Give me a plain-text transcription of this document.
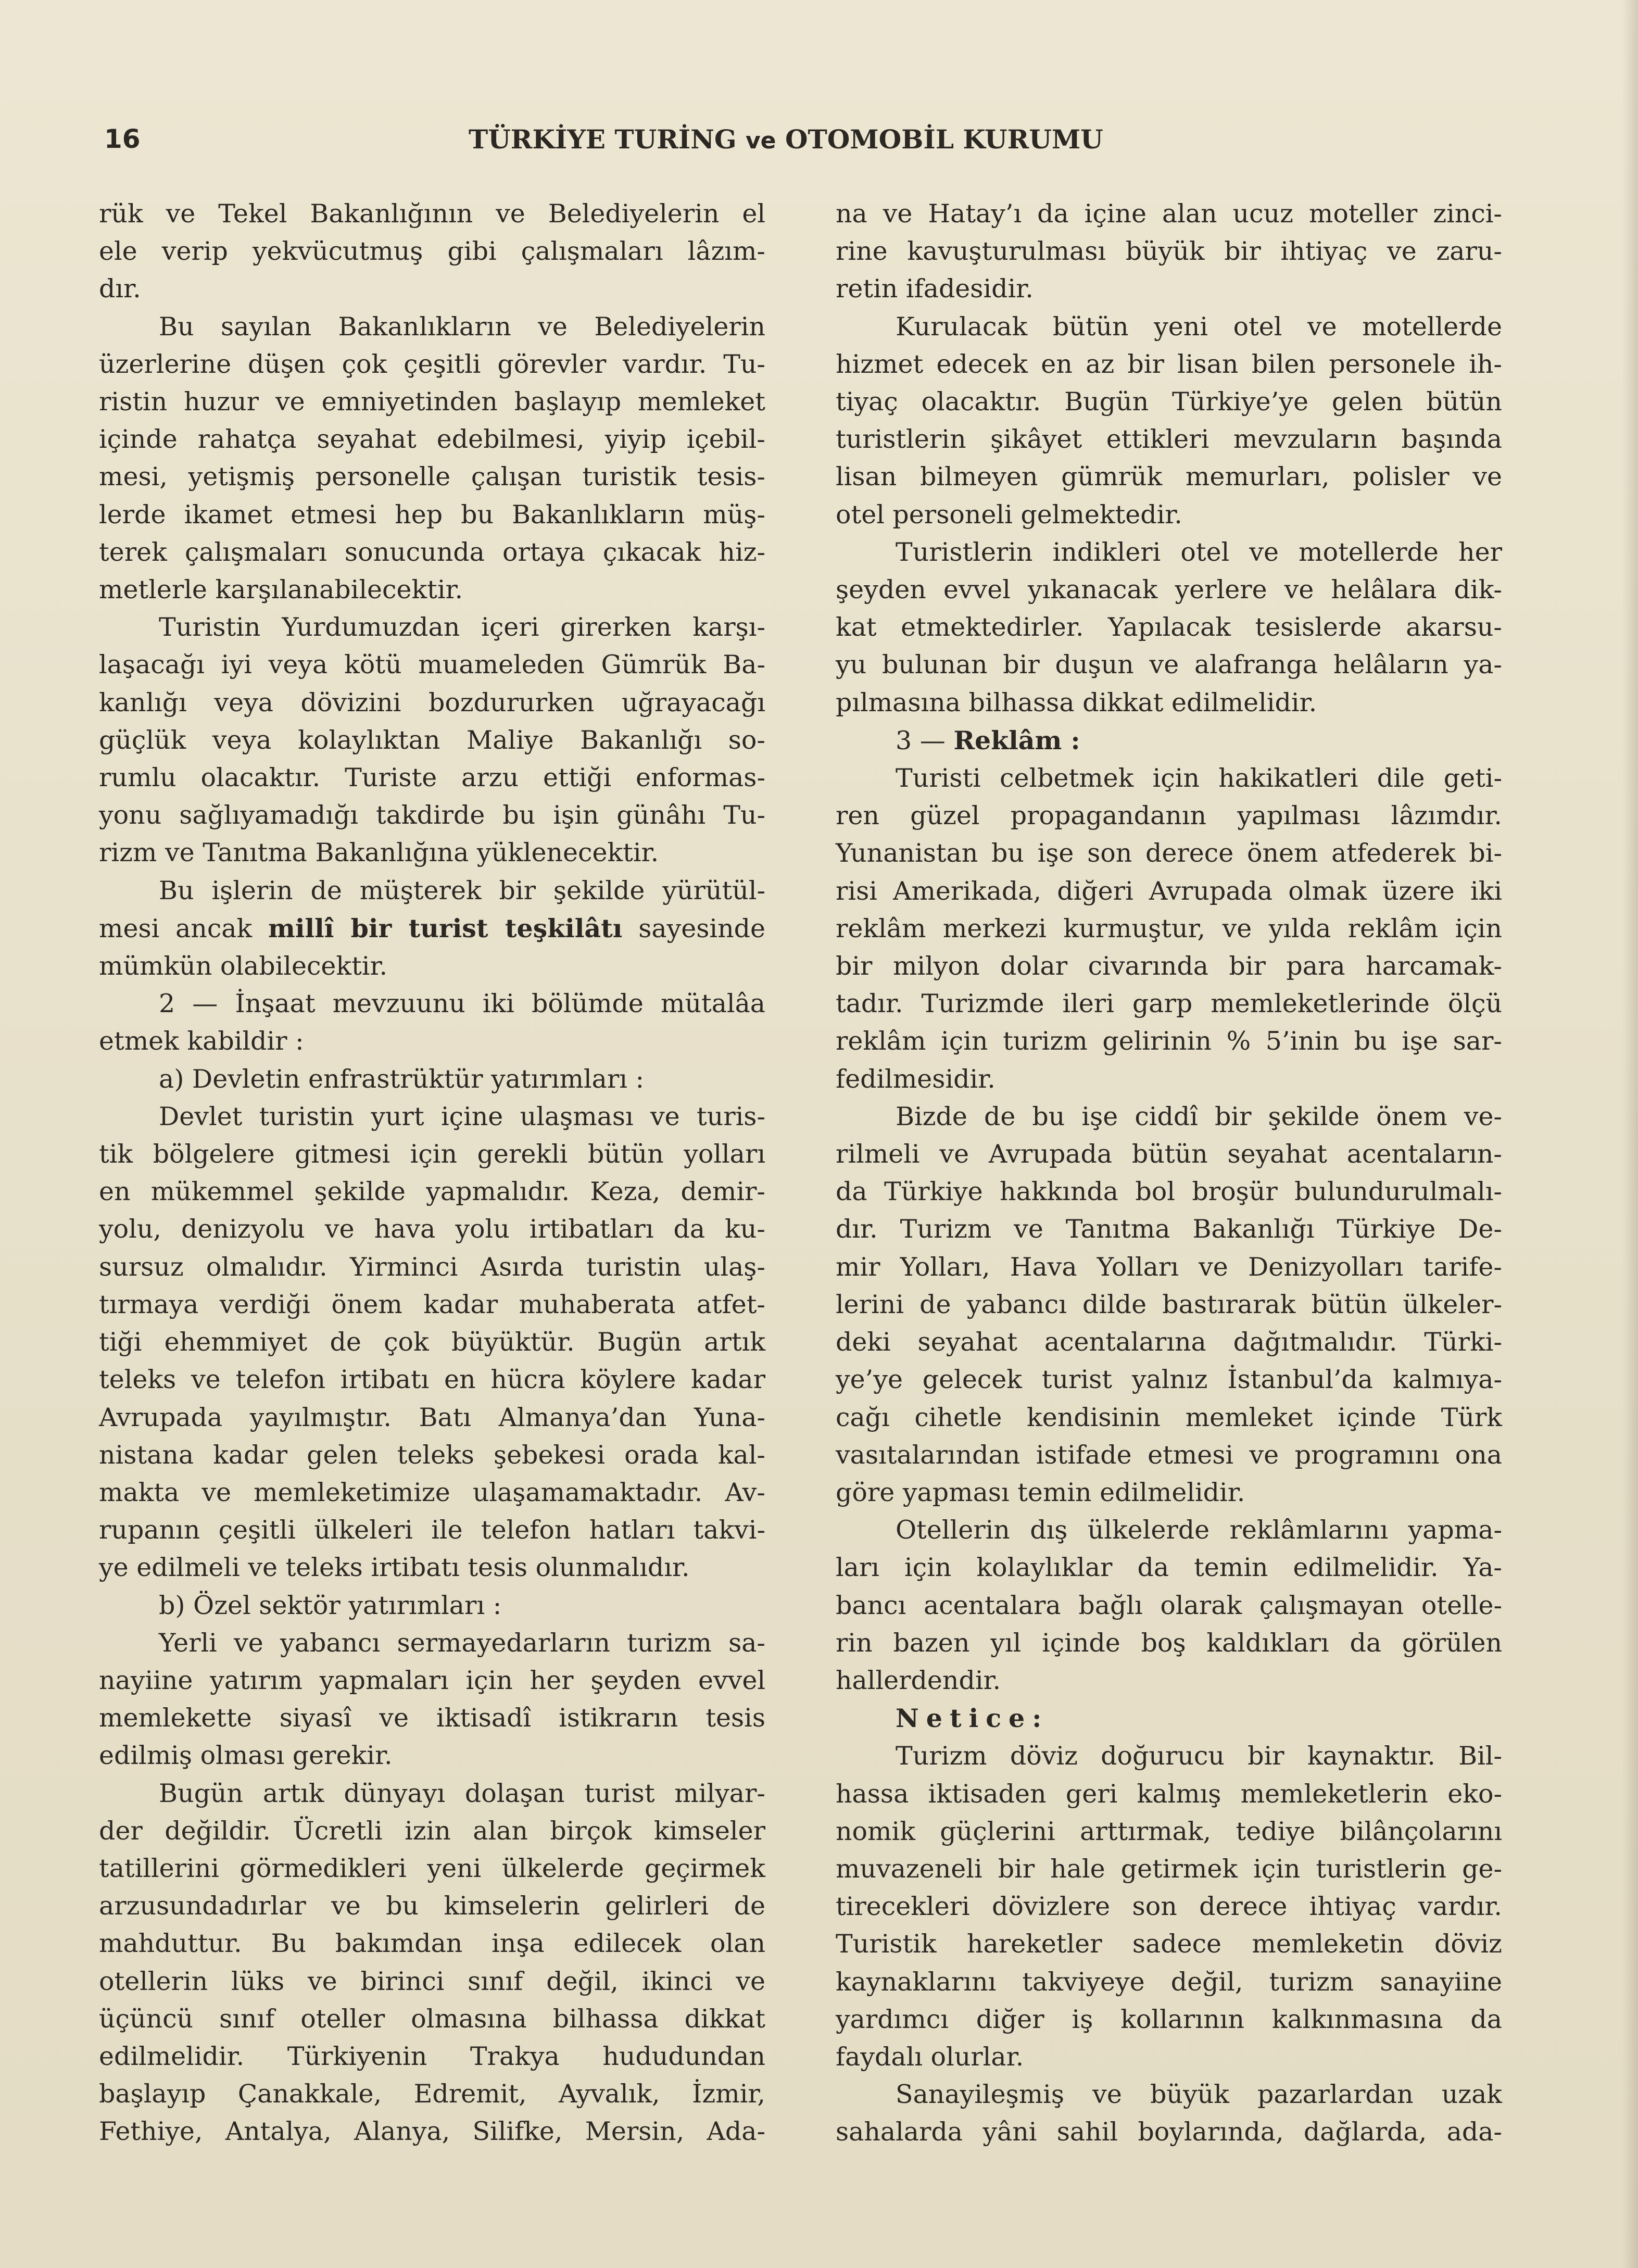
16	TÜRKİYE TURİNG ve OTOMOBİL KURUMU

rük ve Tekel Bakanlığının ve Belediyelerin el

ele verip yekvücutmuş gibi çalışmaları lâzım-

dır.

Bu sayılan Bakanlıkların ve Belediyelerin

üzerlerine düşen çok çeşitli görevler vardır. Tu-

ristin huzur ve emniyetinden başlayıp memleket

içinde rahatça seyahat edebilmesi, yiyip içebil-

mesi, yetişmiş personelle çalışan turistik tesis-

lerde ikamet etmesi hep bu Bakanlıkların müş-

terek çalışmaları sonucunda ortaya çıkacak hiz-

metlerle karşılanabilecektir.

Turistin Yurdumuzdan içeri girerken karşı-

laşacağı iyi veya kötü muameleden Gümrük Ba-

kanlığı veya dövizini bozdururken uğrayacağı

güçlük veya kolaylıktan Maliye Bakanlığı so-

rumlu olacaktır. Turiste arzu ettiği enformas-

yonu sağlıyamadığı takdirde bu işin günâhı Tu-

rizm ve Tanıtma Bakanlığına yüklenecektir.

Bu işlerin de müşterek bir şekilde yürütül-

mesi ancak millî bir turist teşkilâtı sayesinde

mümkün olabilecektir.

2 — İnşaat mevzuunu iki bölümde mütalâa

etmek kabildir :

a) Devletin enfrastrüktür yatırımları :

Devlet turistin yurt içine ulaşması ve turis-

tik bölgelere gitmesi için gerekli bütün yolları

en mükemmel şekilde yapmalıdır. Keza, demir-

yolu, denizyolu ve hava yolu irtibatları da ku-

sursuz olmalıdır. Yirminci Asırda turistin ulaş-

tırmaya verdiği önem kadar muhaberata atfet-

tiği ehemmiyet de çok büyüktür. Bugün artık

teleks ve telefon irtibatı en hücra köylere kadar

Avrupada yayılmıştır. Batı Almanya’dan Yuna-

nistana kadar gelen teleks şebekesi orada kal-

makta ve memleketimize ulaşamamaktadır. Av-

rupanın çeşitli ülkeleri ile telefon hatları takvi-

ye edilmeli ve teleks irtibatı tesis olunmalıdır.

b) Özel sektör yatırımları :

Yerli ve yabancı sermayedarların turizm sa-

nayiine yatırım yapmaları için her şeyden evvel

memlekette siyasî ve iktisadî istikrarın tesis

edilmiş olması gerekir.

Bugün artık dünyayı dolaşan turist milyar-

der değildir. Ücretli izin alan birçok kimseler

tatillerini görmedikleri yeni ülkelerde geçirmek

arzusundadırlar ve bu kimselerin gelirleri de

mahduttur. Bu bakımdan inşa edilecek olan

otellerin lüks ve birinci sınıf değil, ikinci ve

üçüncü sınıf oteller olmasına bilhassa dikkat

edilmelidir. Türkiyenin Trakya hududundan

başlayıp Çanakkale, Edremit, Ayvalık, İzmir,

Fethiye, Antalya, Alanya, Silifke, Mersin, Ada-

na ve Hatay’ı da içine alan ucuz moteller zinci-

rine kavuşturulması büyük bir ihtiyaç ve zaru-

retin ifadesidir.

Kurulacak bütün yeni otel ve motellerde

hizmet edecek en az bir lisan bilen personele ih-

tiyaç olacaktır. Bugün Türkiye’ye gelen bütün

turistlerin şikâyet ettikleri mevzuların başında

lisan bilmeyen gümrük memurları, polisler ve

otel personeli gelmektedir.

Turistlerin indikleri otel ve motellerde her

şeyden evvel yıkanacak yerlere ve helâlara dik-

kat etmektedirler. Yapılacak tesislerde akarsu-

yu bulunan bir duşun ve alafranga helâların ya-

pılmasına bilhassa dikkat edilmelidir.

3 — Reklâm :

Turisti celbetmek için hakikatleri dile geti-

ren güzel propagandanın yapılması lâzımdır.

Yunanistan bu işe son derece önem atfederek bi-

risi Amerikada, diğeri Avrupada olmak üzere iki

reklâm merkezi kurmuştur, ve yılda reklâm için

bir milyon dolar civarında bir para harcamak-

tadır. Turizmde ileri garp memleketlerinde ölçü

reklâm için turizm gelirinin % 5’inin bu işe sar-

fedilmesidir.

Bizde de bu işe ciddî bir şekilde önem ve-

rilmeli ve Avrupada bütün seyahat acentaların-

da Türkiye hakkında bol broşür bulundurulmalı-

dır. Turizm ve Tanıtma Bakanlığı Türkiye De-

mir Yolları, Hava Yolları ve Denizyolları tarife-

lerini de yabancı dilde bastırarak bütün ülkeler-

deki seyahat acentalarına dağıtmalıdır. Türki-

ye’ye gelecek turist yalnız İstanbul’da kalmıya-

cağı cihetle kendisinin memleket içinde Türk

vasıtalarından istifade etmesi ve programını ona

göre yapması temin edilmelidir.

Otellerin dış ülkelerde reklâmlarını yapma-

ları için kolaylıklar da temin edilmelidir. Ya-

bancı acentalara bağlı olarak çalışmayan otelle-

rin bazen yıl içinde boş kaldıkları da görülen

hallerdendir.

Netice:

Turizm döviz doğurucu bir kaynaktır. Bil-

hassa iktisaden geri kalmış memleketlerin eko-

nomik güçlerini arttırmak, tediye bilânçolarını

muvazeneli bir hale getirmek için turistlerin ge-

tirecekleri dövizlere son derece ihtiyaç vardır.

Turistik hareketler sadece memleketin döviz

kaynaklarını takviyeye değil, turizm sanayiine

yardımcı diğer iş kollarının kalkınmasına da

faydalı olurlar.

Sanayileşmiş ve büyük pazarlardan uzak

sahalarda yâni sahil boylarında, dağlarda, ada-
